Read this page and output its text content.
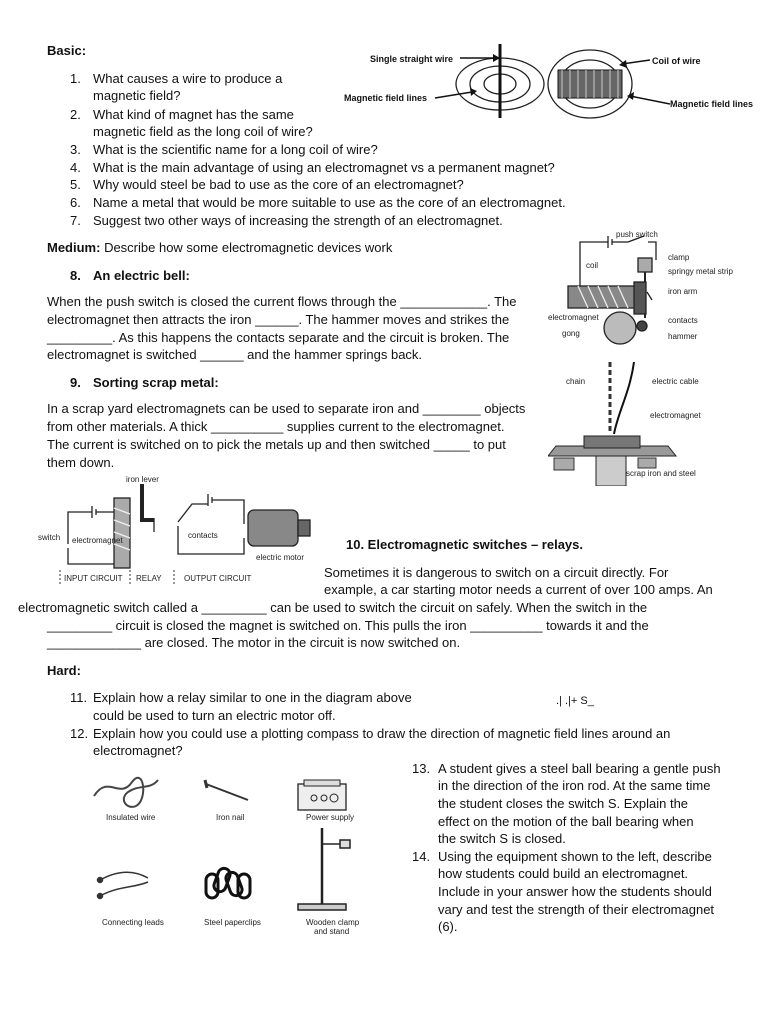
Basic:
1. What causes a wire to produce a
magnetic field?
2. What kind of magnet has the same
magnetic field as the long coil of wire?
3. What is the scientific name for a long coil of wire?
4. What is the main advantage of using an electromagnet vs a permanent magnet?
5. Why would steel be bad to use as the core of an electromagnet?
6. Name a metal that would be more suitable to use as the core of an electromagnet.
7. Suggest two other ways of increasing the strength of an electromagnet.
Single straight wire
Magnetic field lines
Coil of wire
Magnetic field lines
Medium: Describe how some electromagnetic devices work
8. An electric bell:
When the push switch is closed the current flows through the ____________. The
electromagnet then attracts the iron ______. The hammer moves and strikes the
_________. As this happens the contacts separate and the circuit is broken. The
electromagnet is switched ______ and the hammer springs back.
push switch
clamp
coil
springy metal strip
iron arm
electromagnet	contacts
gong	hammer
9. Sorting scrap metal:
In a scrap yard electromagnets can be used to separate iron and ________ objects
from other materials. A thick __________ supplies current to the electromagnet.
The current is switched on to pick the metals up and then switched _____ to put
them down.
chain	electric cable
electromagnet
scrap iron and steel
iron lever
switch electromagnet
contacts
electric motor
INPUT CIRCUIT RELAY	OUTPUT CIRCUIT
10. Electromagnetic switches – relays.
Sometimes it is dangerous to switch on a circuit directly. For
example, a car starting motor needs a current of over 100 amps. An
electromagnetic switch called a _________ can be used to switch the circuit on safely. When the switch in the
_________ circuit is closed the magnet is switched on. This pulls the iron __________ towards it and the
_____________ are closed. The motor in the circuit is now switched on.
Hard:
11. Explain how a relay similar to one in the diagram above
could be used to turn an electric motor off.
.| .|+ S_
12. Explain how you could use a plotting compass to draw the direction of magnetic field lines around an
electromagnet?
Insulated wire	Iron nail	Power supply
Connecting leads	Steel paperclips	Wooden clamp
and stand
13. A student gives a steel ball bearing a gentle push
in the direction of the iron rod. At the same time
the student closes the switch S. Explain the
effect on the motion of the ball bearing when
the switch S is closed.
14. Using the equipment shown to the left, describe
how students could build an electromagnet.
Include in your answer how the students should
vary and test the strength of their electromagnet
(6).
